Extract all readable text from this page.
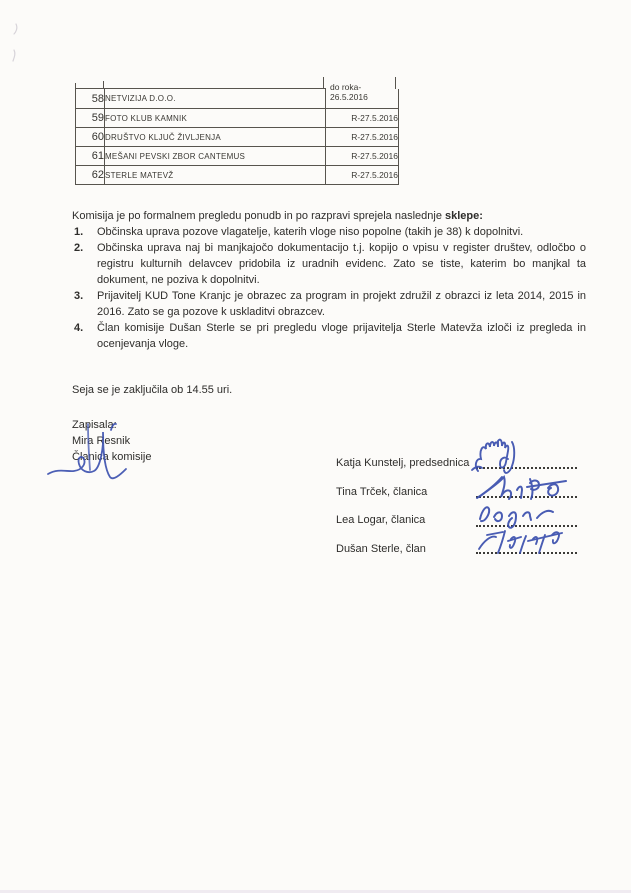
58	NETVIZIJA D.O.O.	do roka-
26.5.2016

59	FOTO KLUB KAMNIK	R-27.5.2016
60	DRUŠTVO KLJUČ ŽIVLJENJA	R-27.5.2016
61	MEŠANI PEVSKI ZBOR CANTEMUS	R-27.5.2016
62	STERLE MATEVŽ	R-27.5.2016

Komisija je po formalnem pregledu ponudb in po razpravi sprejela naslednje sklepe:

1.	Občinska uprava pozove vlagatelje, katerih vloge niso popolne (takih je 38) k dopolnitvi.
2.	Občinska uprava naj bi manjkajočo dokumentacijo t.j. kopijo o vpisu v register društev, odločbo o registru kulturnih delavcev pridobila iz uradnih evidenc. Zato se tiste, katerim bo manjkal ta dokument, ne poziva k dopolnitvi.
3.	Prijavitelj KUD Tone Kranjc je obrazec za program in projekt združil z obrazci iz leta 2014, 2015 in 2016. Zato se ga pozove k uskladitvi obrazcev.
4.	Član komisije Dušan Sterle se pri pregledu vloge prijavitelja Sterle Matevža izloči iz pregleda in ocenjevanja vloge.

Seja se je zaključila ob 14.55 uri.

Zapisala:
Mira Resnik
Članica komisije	Katja Kunstelj, predsednica
Tina Trček, članica
Lea Logar, članica
Dušan Sterle, član
